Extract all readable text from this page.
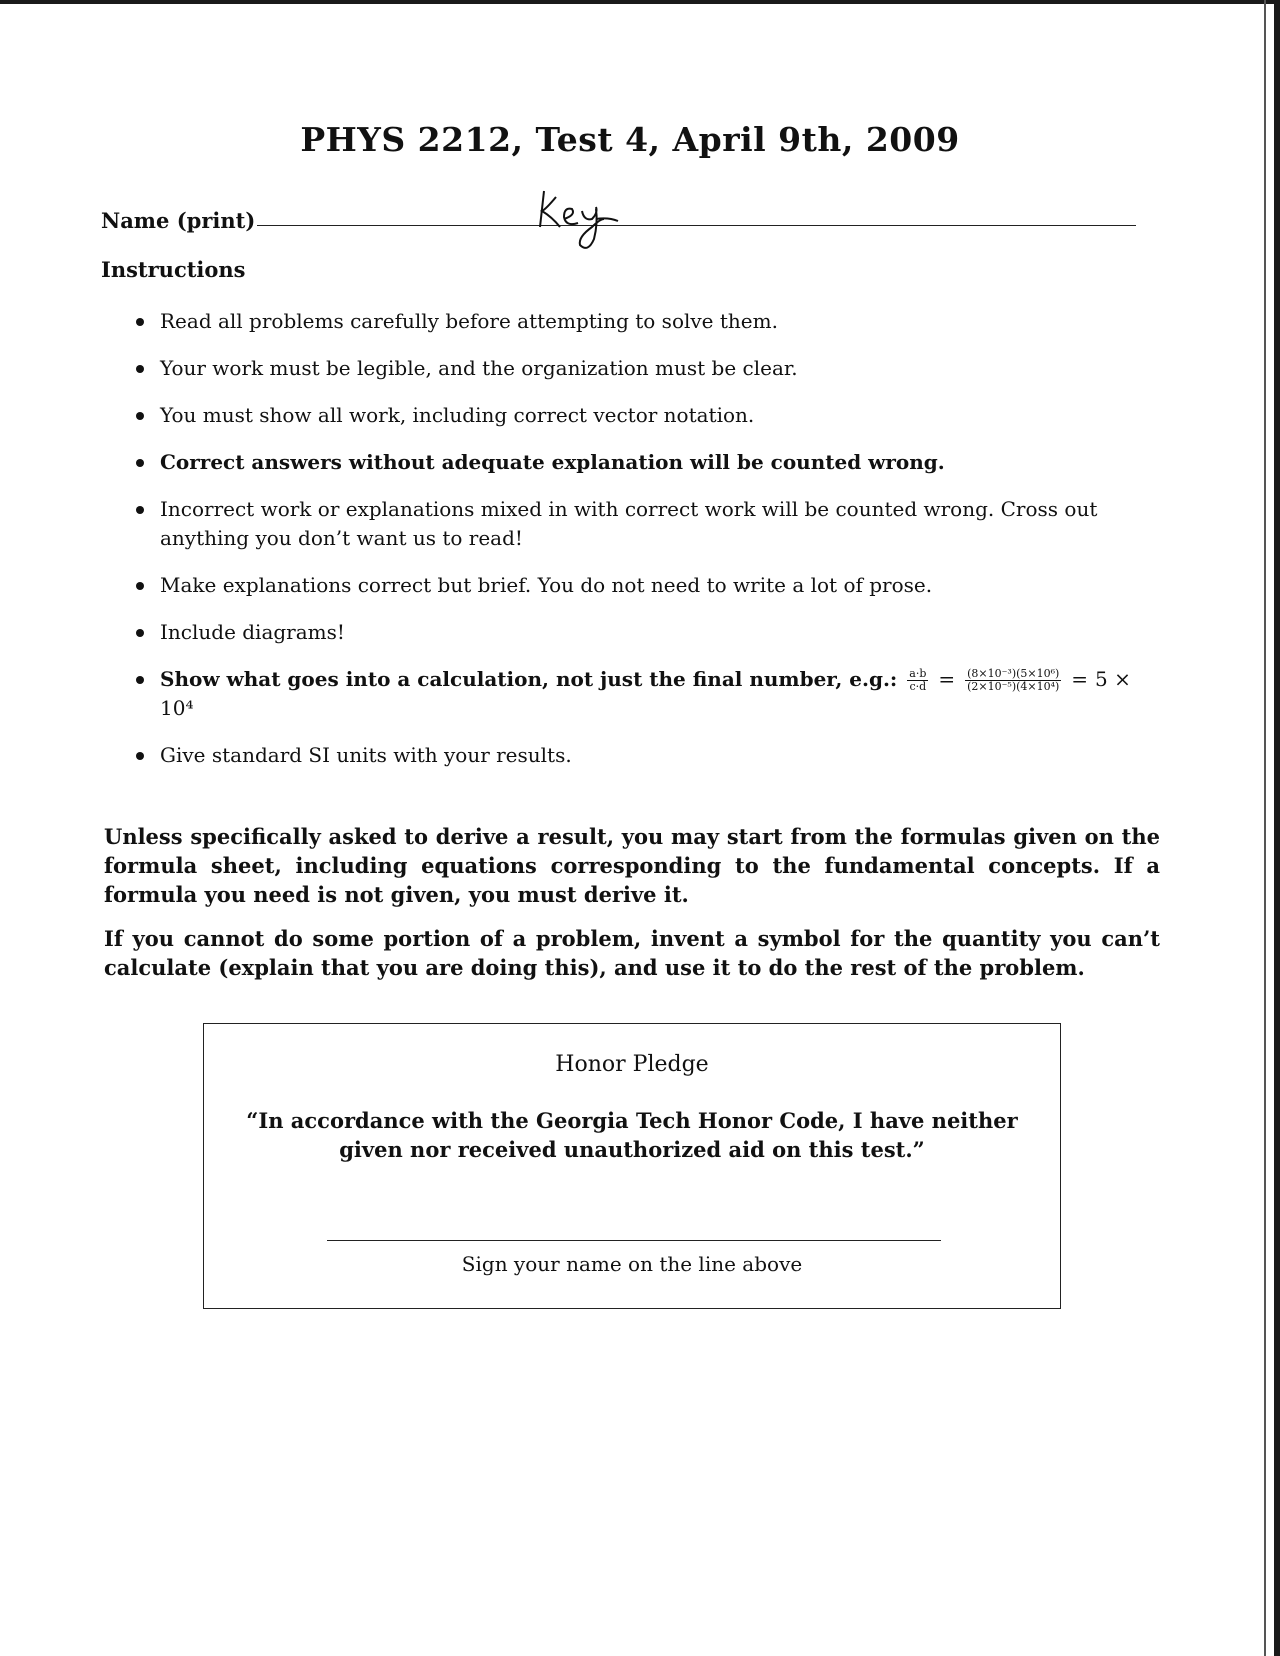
PHYS 2212, Test 4, April 9th, 2009
Name (print)
Instructions
Read all problems carefully before attempting to solve them.
Your work must be legible, and the organization must be clear.
You must show all work, including correct vector notation.
Correct answers without adequate explanation will be counted wrong.
Incorrect work or explanations mixed in with correct work will be counted wrong. Cross out anything you don’t want us to read!
Make explanations correct but brief. You do not need to write a lot of prose.
Include diagrams!
Show what goes into a calculation, not just the final number, e.g.: $\frac{a\cdot b}{c\cdot d} = \frac{\text{(8×10⁻³)(5×10⁶)}}{\text{(2×10⁻⁵)(4×10⁴)}} = 5 \times 10^4$
Give standard SI units with your results.
Unless specifically asked to derive a result, you may start from the formulas given on the formula sheet, including equations corresponding to the fundamental concepts. If a formula you need is not given, you must derive it.
If you cannot do some portion of a problem, invent a symbol for the quantity you can’t calculate (explain that you are doing this), and use it to do the rest of the problem.
Honor Pledge
“In accordance with the Georgia Tech Honor Code, I have neither given nor received unauthorized aid on this test.”
Sign your name on the line above
